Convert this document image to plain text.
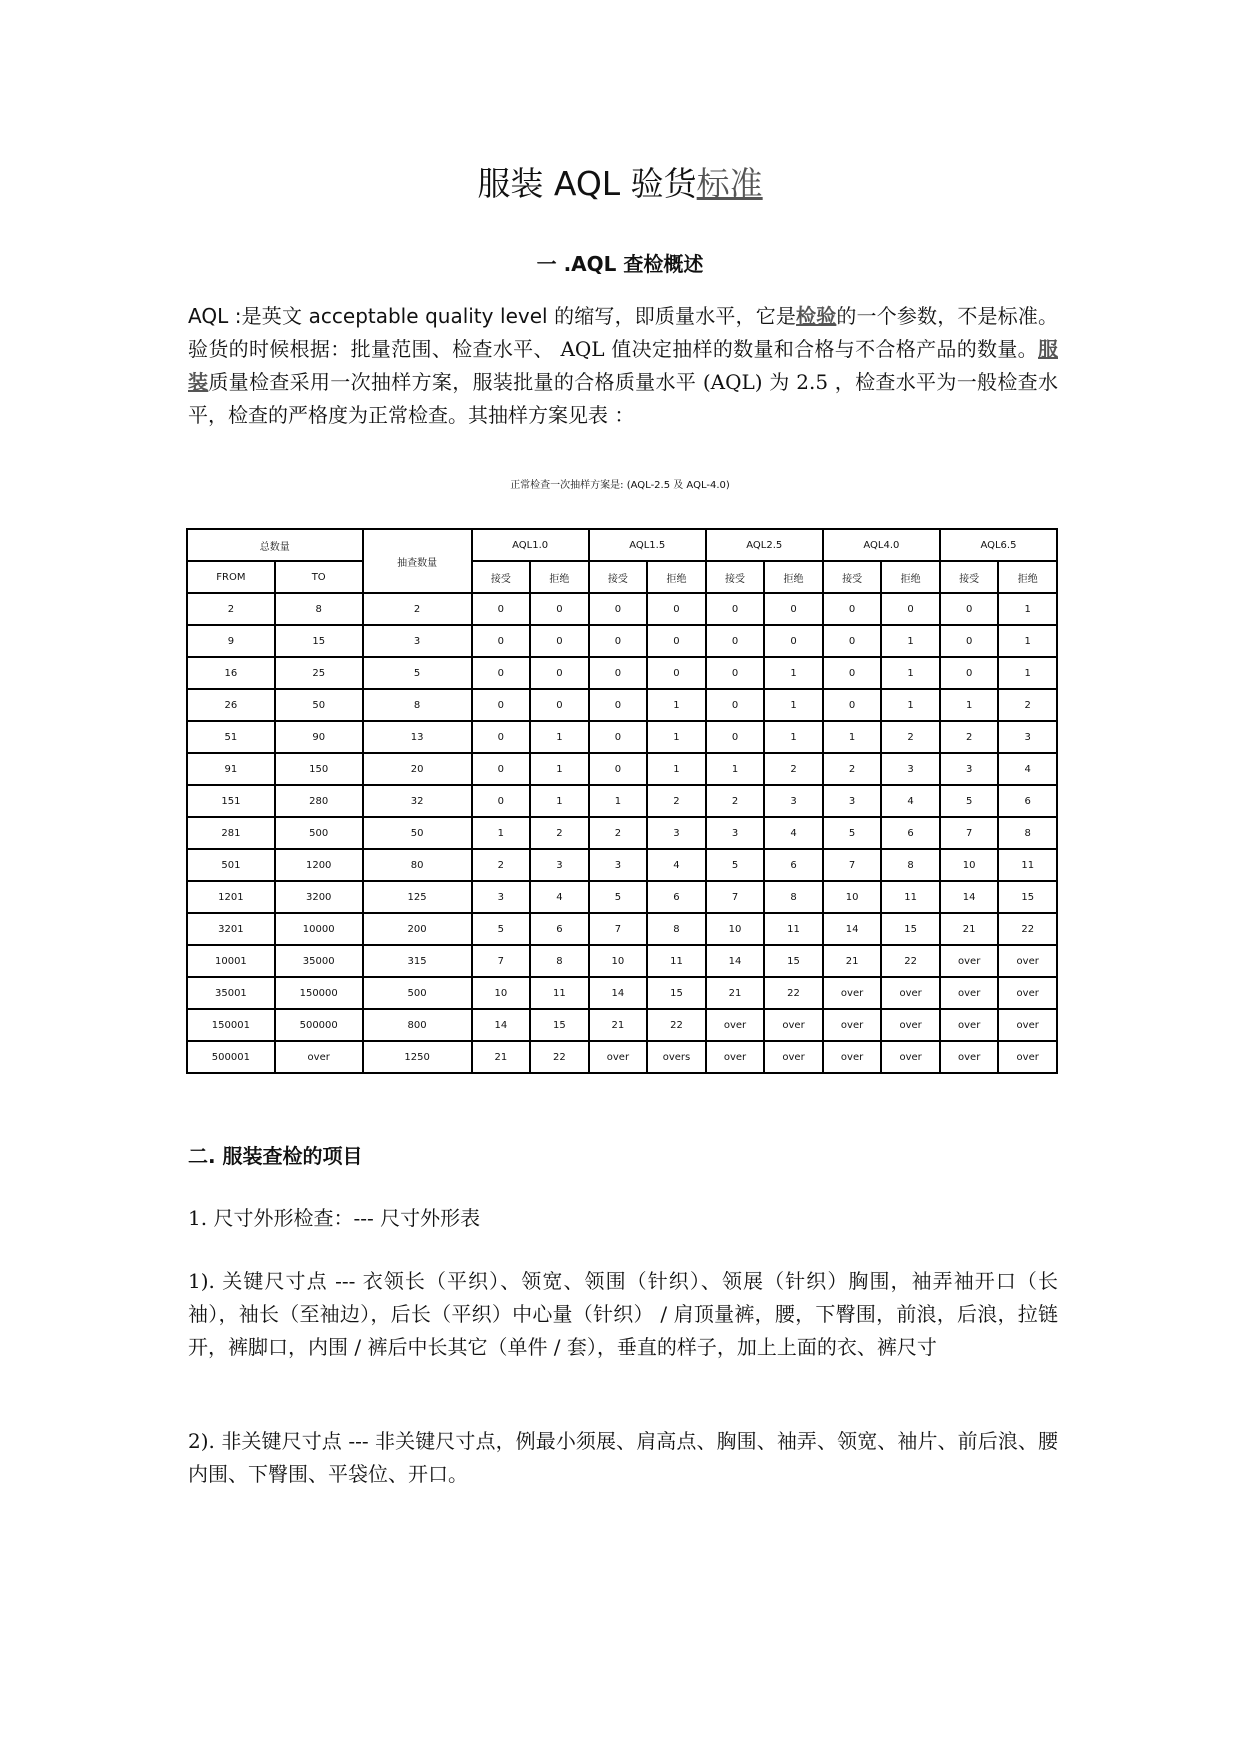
服装 AQL 验货标准
一 .AQL 查检概述
AQL :是英文 acceptable quality level 的缩写，即质量水平，它是检验的一个参数，不是标准。验货的时候根据：批量范围、检查水平、 AQL 值决定抽样的数量和合格与不合格产品的数量。服装质量检查采用一次抽样方案，服装批量的合格质量水平 (AQL) 为 2.5 ，检查水平为一般检查水平，检查的严格度为正常检查。其抽样方案见表 ：
正常检查一次抽样方案是: (AQL-2.5 及 AQL-4.0)
总数量		抽查数量	AQL1.0		AQL1.5		AQL2.5		AQL4.0		AQL6.5	
FROM	TO		接受	拒绝	接受	拒绝	接受	拒绝	接受	拒绝	接受	拒绝
2	8	2	0	0	0	0	0	0	0	0	0	1
9	15	3	0	0	0	0	0	0	0	1	0	1
16	25	5	0	0	0	0	0	1	0	1	0	1
26	50	8	0	0	0	1	0	1	0	1	1	2
51	90	13	0	1	0	1	0	1	1	2	2	3
91	150	20	0	1	0	1	1	2	2	3	3	4
151	280	32	0	1	1	2	2	3	3	4	5	6
281	500	50	1	2	2	3	3	4	5	6	7	8
501	1200	80	2	3	3	4	5	6	7	8	10	11
1201	3200	125	3	4	5	6	7	8	10	11	14	15
3201	10000	200	5	6	7	8	10	11	14	15	21	22
10001	35000	315	7	8	10	11	14	15	21	22	over	over
35001	150000	500	10	11	14	15	21	22	over	over	over	over
150001	500000	800	14	15	21	22	over	over	over	over	over	over
500001	over	1250	21	22	over	overs	over	over	over	over	over	over
二. 服装查检的项目
1. 尺寸外形检查：--- 尺寸外形表
1). 关键尺寸点 --- 衣领长（平织）、领宽、领围（针织）、领展（针织）胸围，袖弄袖开口（长袖），袖长（至袖边），后长（平织）中心量（针织） / 肩顶量裤，腰，下臀围，前浪，后浪，拉链开，裤脚口，内围 / 裤后中长其它（单件 / 套），垂直的样子，加上上面的衣、裤尺寸
2). 非关键尺寸点 --- 非关键尺寸点，例最小须展、肩高点、胸围、袖弄、领宽、袖片、前后浪、腰内围、下臀围、平袋位、开口。
